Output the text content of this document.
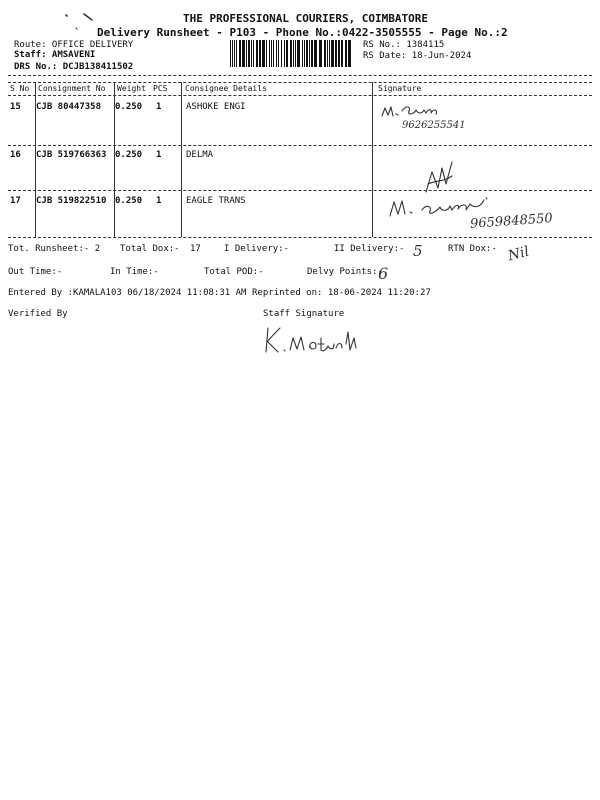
THE PROFESSIONAL COURIERS, COIMBATORE
Delivery Runsheet - P103 - Phone No.:0422-3505555 - Page No.:2
Route: OFFICE DELIVERY
Staff: AMSAVENI
DRS No.: DCJB138411502
RS No.: 1384115
RS Date: 18-Jun-2024
S No Consignment No Weight PCS Consignee Details	Signature
15 CJB 80447358 0.250 1	ASHOKE ENGI
9626255541
16 CJB 519766363 0.250 1	DELMA
17 CJB 519822510 0.250 1	EAGLE TRANS
9659848550
Tot. Runsheet:- 2 Total Dox:- 17	I Delivery:-	II Delivery:-	RTN Dox:-
5	Nil
Out Time:-	In Time:-	Total POD:-	Delvy Points:-
6
Entered By :KAMALA103 06/18/2024 11:08:31 AM Reprinted on: 18-06-2024 11:20:27
Verified By	Staff Signature
